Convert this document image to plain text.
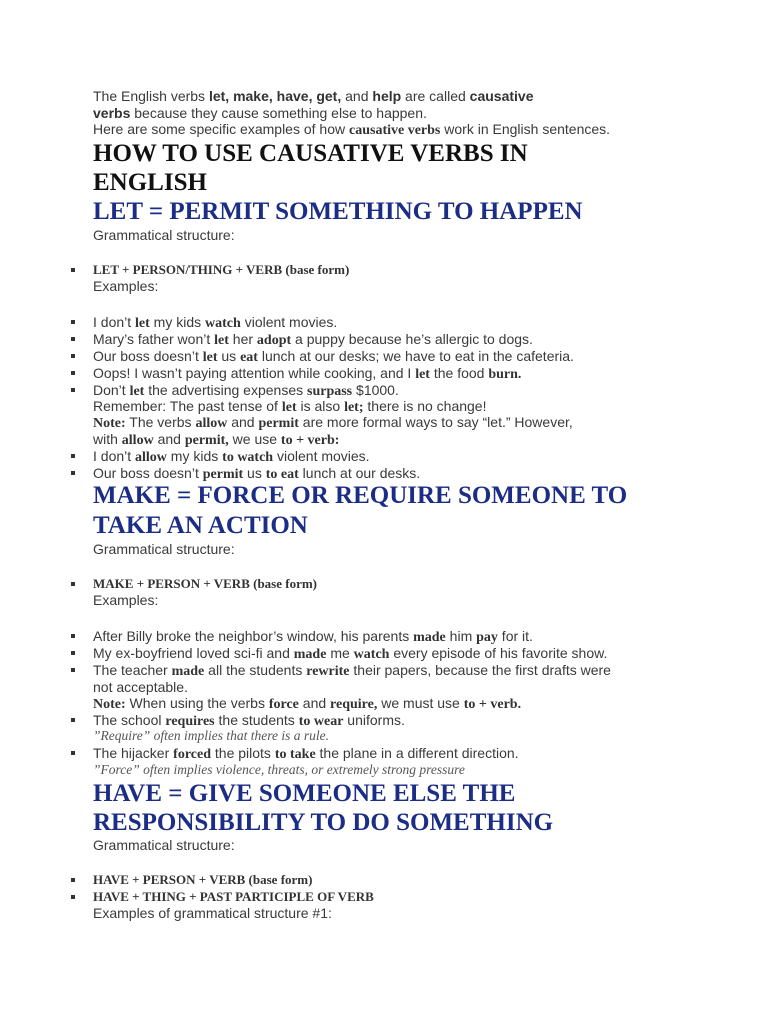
The English verbs let, make, have, get, and help are called causative
verbs because they cause something else to happen.
Here are some specific examples of how causative verbs work in English sentences.
HOW TO USE CAUSATIVE VERBS IN
ENGLISH
LET = PERMIT SOMETHING TO HAPPEN
Grammatical structure:
LET + PERSON/THING + VERB (base form)
Examples:
I don’t let my kids watch violent movies.
Mary’s father won’t let her adopt a puppy because he’s allergic to dogs.
Our boss doesn’t let us eat lunch at our desks; we have to eat in the cafeteria.
Oops! I wasn’t paying attention while cooking, and I let the food burn.
Don’t let the advertising expenses surpass $1000.
Remember: The past tense of let is also let; there is no change!
Note: The verbs allow and permit are more formal ways to say “let.” However,
with allow and permit, we use to + verb:
I don’t allow my kids to watch violent movies.
Our boss doesn’t permit us to eat lunch at our desks.
MAKE = FORCE OR REQUIRE SOMEONE TO
TAKE AN ACTION
Grammatical structure:
MAKE + PERSON + VERB (base form)
Examples:
After Billy broke the neighbor’s window, his parents made him pay for it.
My ex-boyfriend loved sci-fi and made me watch every episode of his favorite show.
The teacher made all the students rewrite their papers, because the first drafts were
not acceptable.
Note: When using the verbs force and require, we must use to + verb.
The school requires the students to wear uniforms.
”Require” often implies that there is a rule.
The hijacker forced the pilots to take the plane in a different direction.
”Force” often implies violence, threats, or extremely strong pressure
HAVE = GIVE SOMEONE ELSE THE
RESPONSIBILITY TO DO SOMETHING
Grammatical structure:
HAVE + PERSON + VERB (base form)
HAVE + THING + PAST PARTICIPLE OF VERB
Examples of grammatical structure #1:
